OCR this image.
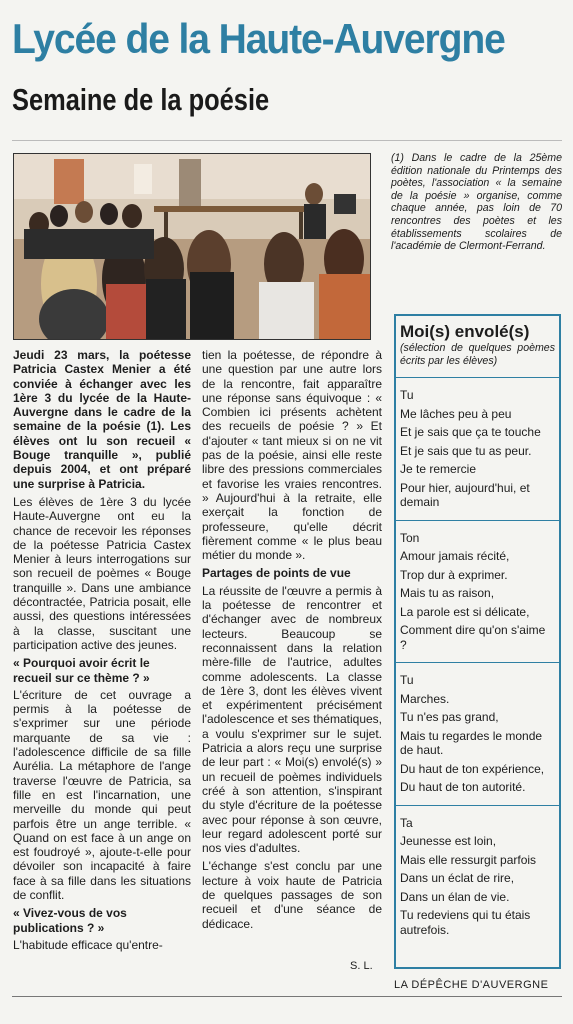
Lycée de la Haute-Auvergne
Semaine de la poésie

(1) Dans le cadre de la 25ème édition nationale du Printemps des poètes, l'association « la semaine de la poésie » organise, comme chaque année, pas loin de 70 rencontres des poètes et les établissements scolaires de l'académie de Clermont-Ferrand.

Jeudi 23 mars, la poétesse Patricia Castex Menier a été conviée à échanger avec les 1ère 3 du lycée de la Haute-Auvergne dans le cadre de la semaine de la poésie (1). Les élèves ont lu son recueil « Bouge tranquille », publié depuis 2004, et ont préparé une surprise à Patricia.

Les élèves de 1ère 3 du lycée Haute-Auvergne ont eu la chance de recevoir les réponses de la poétesse Patricia Castex Menier à leurs interrogations sur son recueil de poèmes « Bouge tranquille ». Dans une ambiance décontractée, Patricia posait, elle aussi, des questions intéressées à la classe, suscitant une participation active des jeunes.

« Pourquoi avoir écrit le recueil sur ce thème ? »

L'écriture de cet ouvrage a permis à la poétesse de s'exprimer sur une période marquante de sa vie : l'adolescence difficile de sa fille Aurélia. La métaphore de l'ange traverse l'œuvre de Patricia, sa fille en est l'incarnation, une merveille du monde qui peut parfois être un ange terrible. « Quand on est face à un ange on est foudroyé », ajoute-t-elle pour dévoiler son incapacité à faire face à sa fille dans les situations de conflit.

« Vivez-vous de vos publications ? »

L'habitude efficace qu'entre-

tien la poétesse, de répondre à une question par une autre lors de la rencontre, fait apparaître une réponse sans équivoque : « Combien ici présents achètent des recueils de poésie ? » Et d'ajouter « tant mieux si on ne vit pas de la poésie, ainsi elle reste libre des pressions commerciales et favorise les vraies rencontres. » Aujourd'hui à la retraite, elle exerçait la fonction de professeure, qu'elle décrit fièrement comme « le plus beau métier du monde ».

Partages de points de vue

La réussite de l'œuvre a permis à la poétesse de rencontrer et d'échanger avec de nombreux lecteurs. Beaucoup se reconnaissent dans la relation mère-fille de l'autrice, adultes comme adolescents. La classe de 1ère 3, dont les élèves vivent et expérimentent précisément l'adolescence et ses thématiques, a voulu s'exprimer sur le sujet. Patricia a alors reçu une surprise de leur part : « Moi(s) envolé(s) » un recueil de poèmes individuels créé à son attention, s'inspirant du style d'écriture de la poétesse avec pour réponse à son œuvre, leur regard adolescent porté sur nos vies d'adultes.

L'échange s'est conclu par une lecture à voix haute de Patricia de quelques passages de son recueil et d'une séance de dédicace.

Moi(s) envolé(s)
(sélection de quelques poèmes écrits par les élèves)
Tu
Me lâches peu à peu
Et je sais que ça te touche
Et je sais que tu as peur.
Je te remercie
Pour hier, aujourd'hui, et demain
Ton
Amour jamais récité,
Trop dur à exprimer.
Mais tu as raison,
La parole est si délicate,
Comment dire qu'on s'aime ?
Tu
Marches.
Tu n'es pas grand,
Mais tu regardes le monde de haut.
Du haut de ton expérience,
Du haut de ton autorité.
Ta
Jeunesse est loin,
Mais elle ressurgit parfois
Dans un éclat de rire,
Dans un élan de vie.
Tu redeviens qui tu étais autrefois.
S. L.
LA DÉPÊCHE D'AUVERGNE
